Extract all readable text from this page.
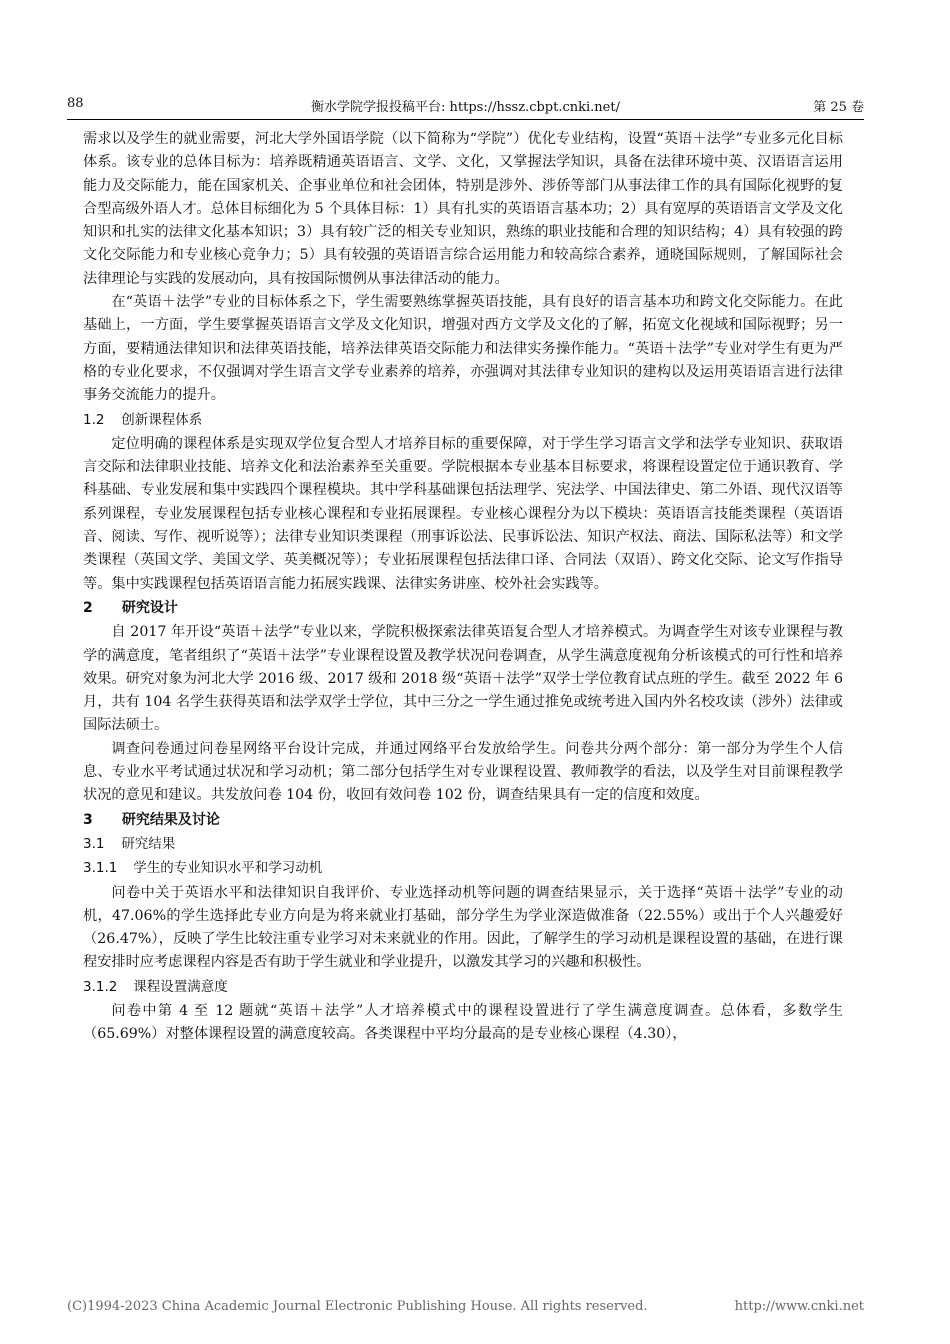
88	衡水学院学报投稿平台: https://hssz.cbpt.cnki.net/	第 25 卷

需求以及学生的就业需要，河北大学外国语学院（以下简称为“学院”）优化专业结构，设置“英语＋法学”专业多元化目标体系。该专业的总体目标为：培养既精通英语语言、文学、文化，又掌握法学知识，具备在法律环境中英、汉语语言运用能力及交际能力，能在国家机关、企事业单位和社会团体，特别是涉外、涉侨等部门从事法律工作的具有国际化视野的复合型高级外语人才。总体目标细化为 5 个具体目标：1）具有扎实的英语语言基本功；2）具有宽厚的英语语言文学及文化知识和扎实的法律文化基本知识；3）具有较广泛的相关专业知识，熟练的职业技能和合理的知识结构；4）具有较强的跨文化交际能力和专业核心竞争力；5）具有较强的英语语言综合运用能力和较高综合素养，通晓国际规则，了解国际社会法律理论与实践的发展动向，具有按国际惯例从事法律活动的能力。

在“英语＋法学”专业的目标体系之下，学生需要熟练掌握英语技能，具有良好的语言基本功和跨文化交际能力。在此基础上，一方面，学生要掌握英语语言文学及文化知识，增强对西方文学及文化的了解，拓宽文化视域和国际视野；另一方面，要精通法律知识和法律英语技能，培养法律英语交际能力和法律实务操作能力。“英语＋法学”专业对学生有更为严格的专业化要求，不仅强调对学生语言文学专业素养的培养，亦强调对其法律专业知识的建构以及运用英语语言进行法律事务交流能力的提升。

1.2 创新课程体系

定位明确的课程体系是实现双学位复合型人才培养目标的重要保障，对于学生学习语言文学和法学专业知识、获取语言交际和法律职业技能、培养文化和法治素养至关重要。学院根据本专业基本目标要求，将课程设置定位于通识教育、学科基础、专业发展和集中实践四个课程模块。其中学科基础课包括法理学、宪法学、中国法律史、第二外语、现代汉语等系列课程，专业发展课程包括专业核心课程和专业拓展课程。专业核心课程分为以下模块：英语语言技能类课程（英语语音、阅读、写作、视听说等）；法律专业知识类课程（刑事诉讼法、民事诉讼法、知识产权法、商法、国际私法等）和文学类课程（英国文学、美国文学、英美概况等）；专业拓展课程包括法律口译、合同法（双语）、跨文化交际、论文写作指导等。集中实践课程包括英语语言能力拓展实践课、法律实务讲座、校外社会实践等。

2 研究设计

自 2017 年开设“英语＋法学”专业以来，学院积极探索法律英语复合型人才培养模式。为调查学生对该专业课程与教学的满意度，笔者组织了“英语＋法学”专业课程设置及教学状况问卷调查，从学生满意度视角分析该模式的可行性和培养效果。研究对象为河北大学 2016 级、2017 级和 2018 级“英语＋法学”双学士学位教育试点班的学生。截至 2022 年 6 月，共有 104 名学生获得英语和法学双学士学位，其中三分之一学生通过推免或统考进入国内外名校攻读（涉外）法律或国际法硕士。

调查问卷通过问卷星网络平台设计完成，并通过网络平台发放给学生。问卷共分两个部分：第一部分为学生个人信息、专业水平考试通过状况和学习动机；第二部分包括学生对专业课程设置、教师教学的看法，以及学生对目前课程教学状况的意见和建议。共发放问卷 104 份，收回有效问卷 102 份，调查结果具有一定的信度和效度。

3 研究结果及讨论
3.1 研究结果
3.1.1 学生的专业知识水平和学习动机

问卷中关于英语水平和法律知识自我评价、专业选择动机等问题的调查结果显示，关于选择“英语＋法学”专业的动机，47.06%的学生选择此专业方向是为将来就业打基础，部分学生为学业深造做准备（22.55%）或出于个人兴趣爱好（26.47%），反映了学生比较注重专业学习对未来就业的作用。因此，了解学生的学习动机是课程设置的基础，在进行课程安排时应考虑课程内容是否有助于学生就业和学业提升，以激发其学习的兴趣和积极性。

3.1.2 课程设置满意度

问卷中第 4 至 12 题就“英语＋法学”人才培养模式中的课程设置进行了学生满意度调查。总体看，多数学生（65.69%）对整体课程设置的满意度较高。各类课程中平均分最高的是专业核心课程（4.30），

(C)1994-2023 China Academic Journal Electronic Publishing House. All rights reserved.	http://www.cnki.net
